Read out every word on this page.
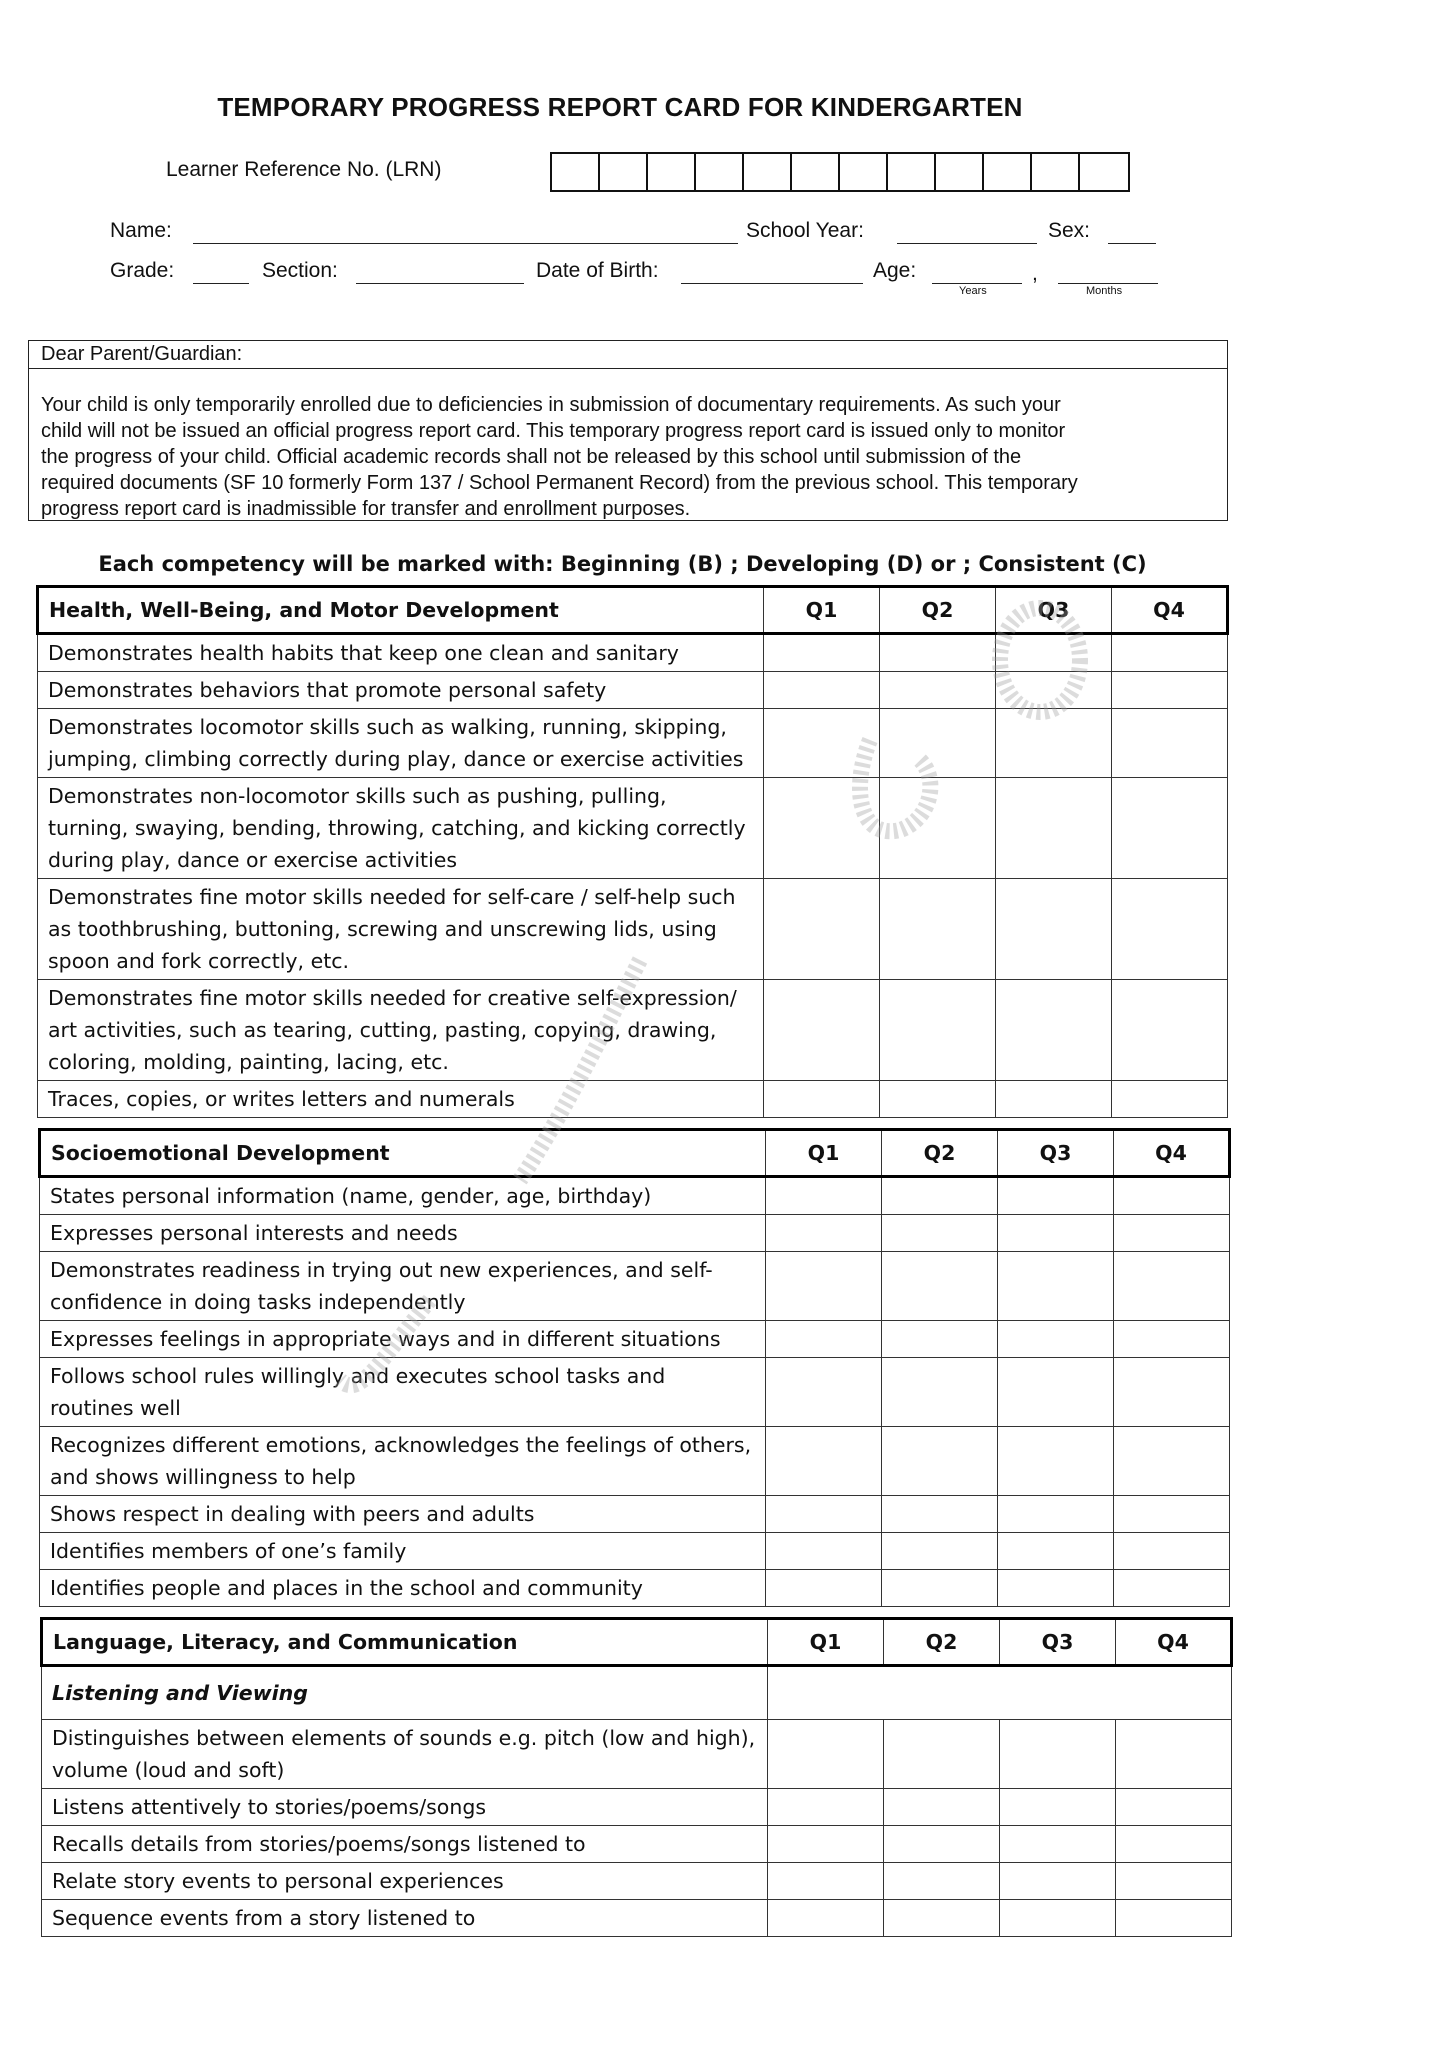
TEMPORARY PROGRESS REPORT CARD FOR KINDERGARTEN
Learner Reference No. (LRN)
Name:	School Year:	Sex:
Grade:	Section:	Date of Birth:	Age:	,
Years	Months
Dear Parent/Guardian:
Your child is only temporarily enrolled due to deficiencies in submission of documentary requirements. As such your
child will not be issued an official progress report card. This temporary progress report card is issued only to monitor
the progress of your child. Official academic records shall not be released by this school until submission of the
required documents (SF 10 formerly Form 137 / School Permanent Record) from the previous school. This temporary
progress report card is inadmissible for transfer and enrollment purposes.
Each competency will be marked with: Beginning (B) ; Developing (D) or ; Consistent (C)
Health, Well-Being, and Motor Development	Q1	Q2	Q3	Q4
Demonstrates health habits that keep one clean and sanitary				
Demonstrates behaviors that promote personal safety				
Demonstrates locomotor skills such as walking, running, skipping, jumping, climbing correctly during play, dance or exercise activities				
Demonstrates non-locomotor skills such as pushing, pulling, turning, swaying, bending, throwing, catching, and kicking correctly during play, dance or exercise activities				
Demonstrates fine motor skills needed for self-care / self-help such as toothbrushing, buttoning, screwing and unscrewing lids, using spoon and fork correctly, etc.				
Demonstrates fine motor skills needed for creative self-expression/ art activities, such as tearing, cutting, pasting, copying, drawing, coloring, molding, painting, lacing, etc.				
Traces, copies, or writes letters and numerals				
Socioemotional Development	Q1	Q2	Q3	Q4
States personal information (name, gender, age, birthday)				
Expresses personal interests and needs				
Demonstrates readiness in trying out new experiences, and self-confidence in doing tasks independently				
Expresses feelings in appropriate ways and in different situations				
Follows school rules willingly and executes school tasks and routines well				
Recognizes different emotions, acknowledges the feelings of others, and shows willingness to help				
Shows respect in dealing with peers and adults				
Identifies members of one’s family				
Identifies people and places in the school and community				
Language, Literacy, and Communication	Q1	Q2	Q3	Q4
Listening and Viewing				
Distinguishes between elements of sounds e.g. pitch (low and high), volume (loud and soft)				
Listens attentively to stories/poems/songs				
Recalls details from stories/poems/songs listened to				
Relate story events to personal experiences				
Sequence events from a story listened to				
